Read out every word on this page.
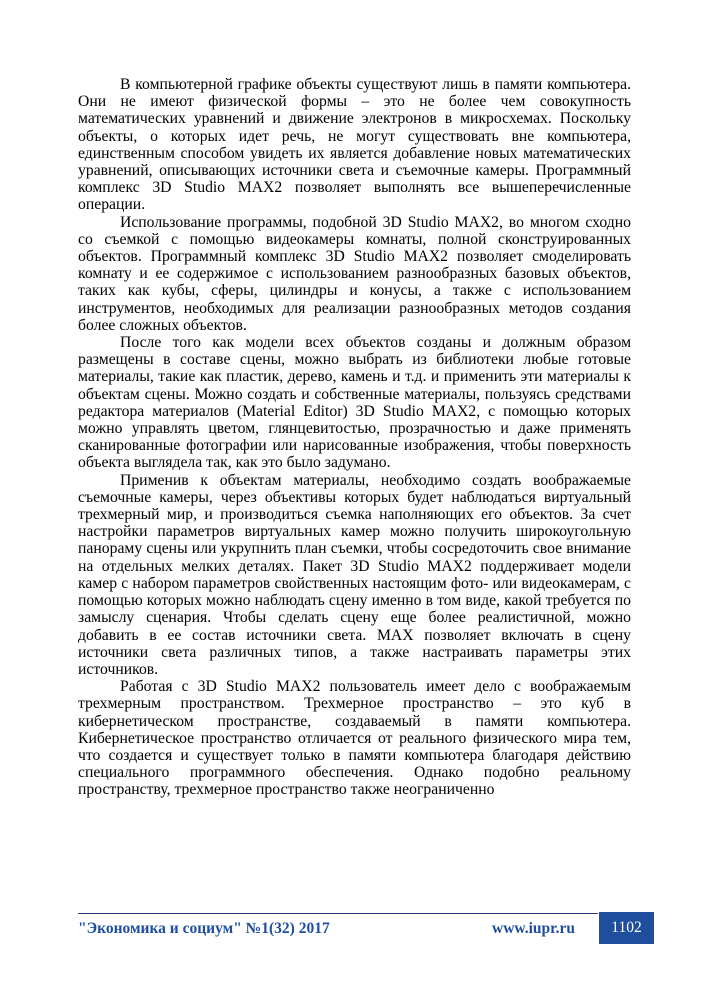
В компьютерной графике объекты существуют лишь в памяти компьютера. Они не имеют физической формы – это не более чем совокупность математических уравнений и движение электронов в микросхемах. Поскольку объекты, о которых идет речь, не могут существовать вне компьютера, единственным способом увидеть их является добавление новых математических уравнений, описывающих источники света и съемочные камеры. Программный комплекс 3D Studio MAX2 позволяет выполнять все вышеперечисленные операции.

Использование программы, подобной 3D Studio MAX2, во многом сходно со съемкой с помощью видеокамеры комнаты, полной сконструированных объектов. Программный комплекс 3D Studio MAX2 позволяет смоделировать комнату и ее содержимое с использованием разнообразных базовых объектов, таких как кубы, сферы, цилиндры и конусы, а также с использованием инструментов, необходимых для реализации разнообразных методов создания более сложных объектов.

После того как модели всех объектов созданы и должным образом размещены в составе сцены, можно выбрать из библиотеки любые готовые материалы, такие как пластик, дерево, камень и т.д. и применить эти материалы к объектам сцены. Можно создать и собственные материалы, пользуясь средствами редактора материалов (Material Editor) 3D Studio MAX2, с помощью которых можно управлять цветом, глянцевитостью, прозрачностью и даже применять сканированные фотографии или нарисованные изображения, чтобы поверхность объекта выглядела так, как это было задумано.

Применив к объектам материалы, необходимо создать воображаемые съемочные камеры, через объективы которых будет наблюдаться виртуальный трехмерный мир, и производиться съемка наполняющих его объектов. За счет настройки параметров виртуальных камер можно получить широкоугольную панораму сцены или укрупнить план съемки, чтобы сосредоточить свое внимание на отдельных мелких деталях. Пакет 3D Studio MAX2 поддерживает модели камер с набором параметров свойственных настоящим фото- или видеокамерам, с помощью которых можно наблюдать сцену именно в том виде, какой требуется по замыслу сценария. Чтобы сделать сцену еще более реалистичной, можно добавить в ее состав источники света. MAX позволяет включать в сцену источники света различных типов, а также настраивать параметры этих источников.

Работая с 3D Studio MAX2 пользователь имеет дело с воображаемым трехмерным пространством. Трехмерное пространство – это куб в кибернетическом пространстве, создаваемый в памяти компьютера. Кибернетическое пространство отличается от реального физического мира тем, что создается и существует только в памяти компьютера благодаря действию специального программного обеспечения. Однако подобно реальному пространству, трехмерное пространство также неограниченно

"Экономика и социум" №1(32) 2017	www.iupr.ru 1102
